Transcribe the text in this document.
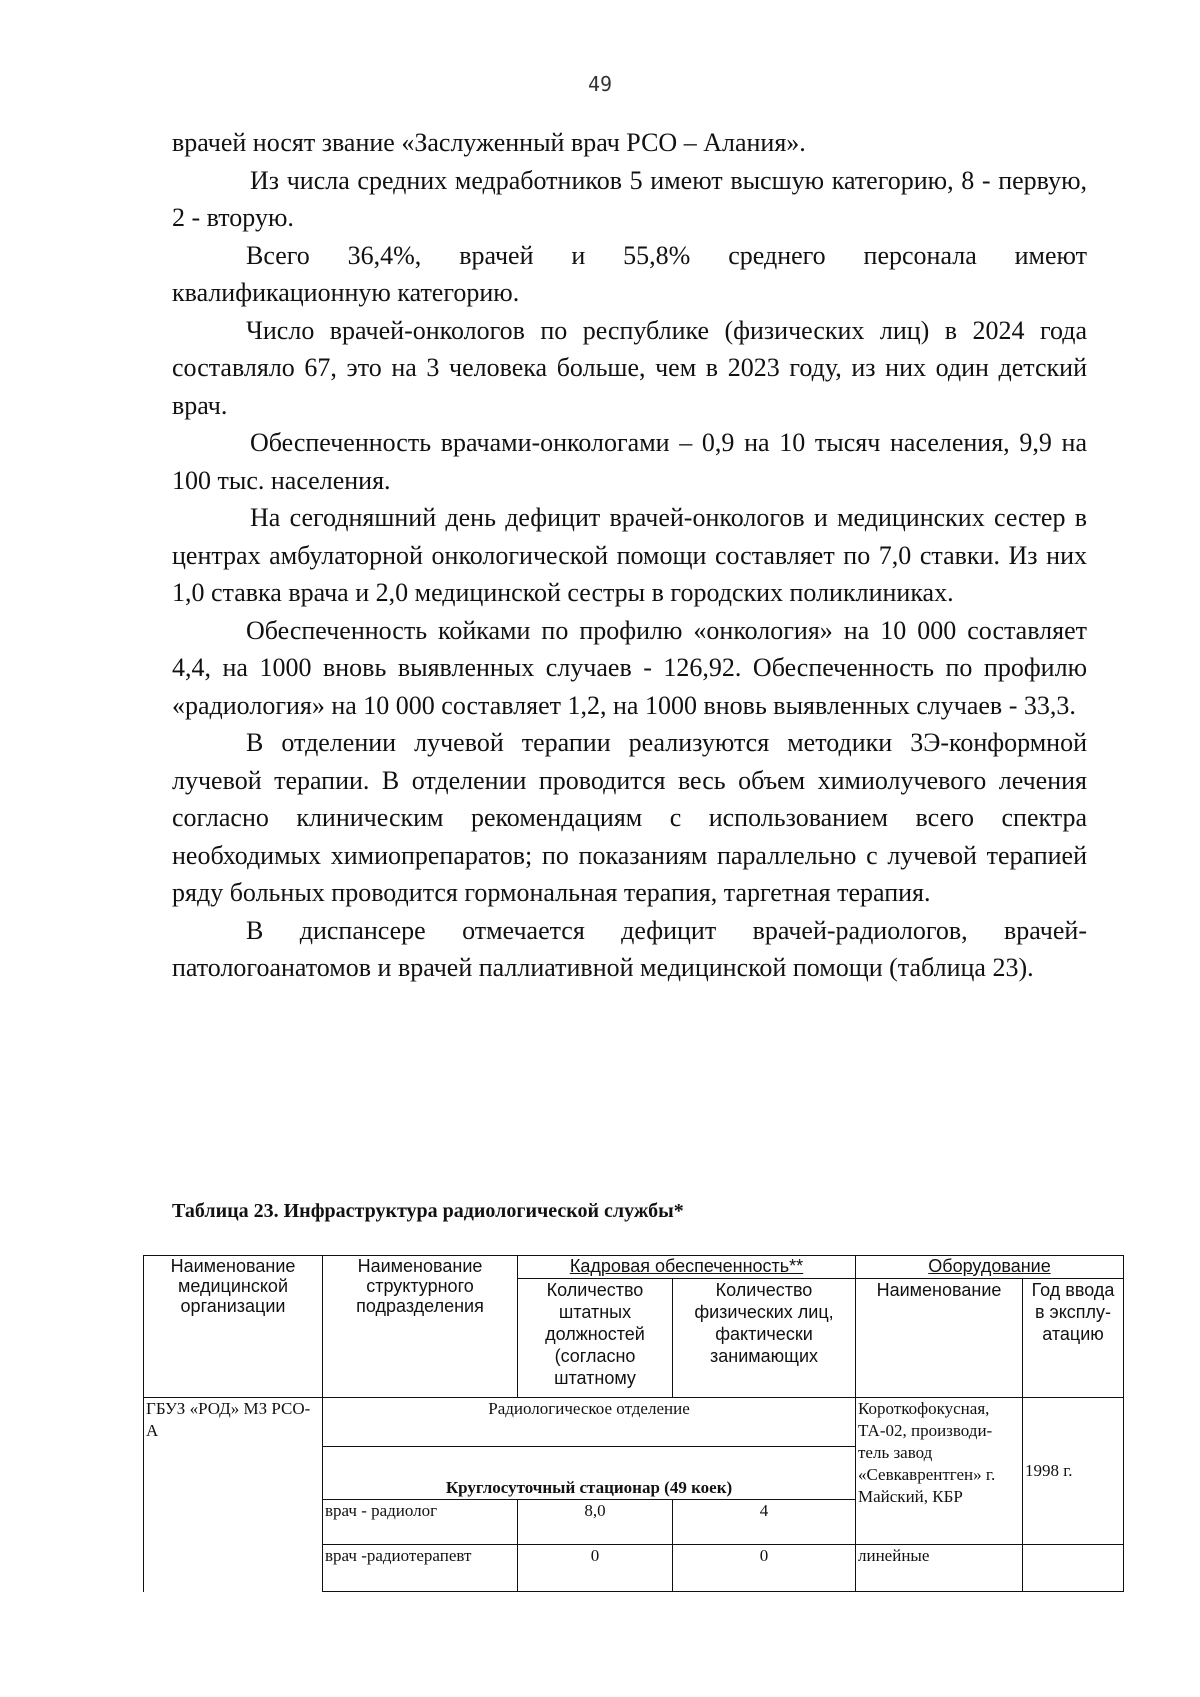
49

врачей носят звание «Заслуженный врач РСО – Алания».

Из числа средних медработников 5 имеют высшую категорию, 8 - первую, 2 - вторую.

Всего 36,4%, врачей и 55,8% среднего персонала имеют квалификационную категорию.

Число врачей-онкологов по республике (физических лиц) в 2024 года составляло 67, это на 3 человека больше, чем в 2023 году, из них один детский врач.

Обеспеченность врачами-онкологами – 0,9 на 10 тысяч населения, 9,9 на 100 тыс. населения.

На сегодняшний день дефицит врачей-онкологов и медицинских сестер в центрах амбулаторной онкологической помощи составляет по 7,0 ставки. Из них 1,0 ставка врача и 2,0 медицинской сестры в городских поликлиниках.

Обеспеченность койками по профилю «онкология» на 10 000 составляет 4,4, на 1000 вновь выявленных случаев - 126,92. Обеспеченность по профилю «радиология» на 10 000 составляет 1,2, на 1000 вновь выявленных случаев - 33,3.

В отделении лучевой терапии реализуются методики 3Э-конформной лучевой терапии. В отделении проводится весь объем химиолучевого лечения согласно клиническим рекомендациям с использованием всего спектра необходимых химиопрепаратов; по показаниям параллельно с лучевой терапией ряду больных проводится гормональная терапия, таргетная терапия.

В диспансере отмечается дефицит врачей-радиологов, врачей-патологоанатомов и врачей паллиативной медицинской помощи (таблица 23).

Таблица 23. Инфраструктура радиологической службы*

Наименование медицинской организации	Наименование структурного подразделения	Кадровая обеспеченность**		Оборудование	
		Количество штатных должностей (согласно штатному	Количество физических лиц, фактически занимающих	Наименование	Год ввода в эксплу-атацию
ГБУЗ «РОД» МЗ РСО-А	Радиологическое отделение			Короткофокусная, ТА-02, производи-тель завод «Севкаврентген» г. Майский, КБР	1998 г.
	Круглосуточный стационар (49 коек)				
	врач - радиолог	8,0	4		
	врач -радиотерапевт	0	0	линейные	
